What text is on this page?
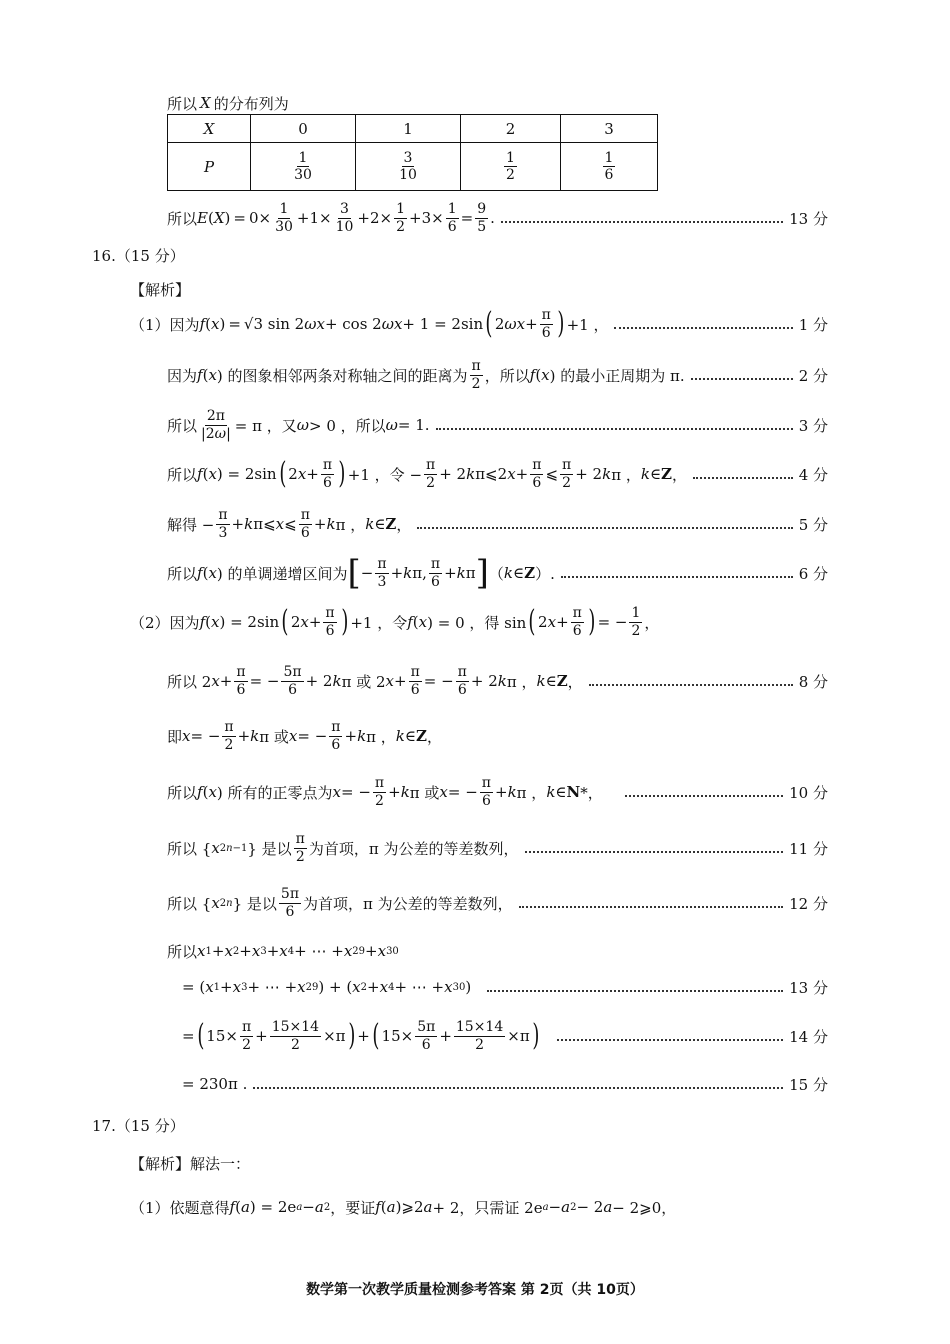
所以 X 的分布列为
X	0	1	2	3
P	$\frac{1}{30}$	$\frac{3}{10}$	$\frac{1}{2}$	$\frac{1}{6}$
所以 E ( X ) = $0\times \frac{1}{30} +1\times \frac{3}{10} +2\times \frac{1}{2} +3\times \frac{1}{6} = \frac{9}{5}$ .	13 分
16.（15 分）
【解析】
（1） 因为 f ( x ) = √3 sin 2 ωx + cos 2 ωx + 1 = 2sin ( 2 $\omega x + \frac{\pi}{6}$ ) +1 ，	1 分
因为 f ( x ) 的图象相邻两条对称轴之间的距离为 $\frac{\pi}{2}$ ，所以 f ( x ) 的最小正周期为 π.	2 分
所以 $\frac{2\pi}{|2\omega|} = \pi$ ，又 ω > 0 ，所以 ω = 1.	3 分
所以 f ( x ) = 2sin ( 2 $x + \frac{\pi}{6}$ ) +1 ，令 − $\frac{\pi}{2} + 2$ k π⩽2 $x + \frac{\pi}{6}$ ⩽ $\frac{\pi}{2} + 2$ k π ， k ∈ Z ，	4 分
解得 − $\frac{\pi}{3} + k$ π⩽ x ⩽ $\frac{\pi}{6} + k$ π ， k ∈ Z ，	5 分
所以 f ( x ) 的单调递增区间为 [ − $\frac{\pi}{3} + k$ π, $\frac{\pi}{6} + k$ π ] （ k ∈ Z ）.	6 分
（2） 因为 f ( x ) = 2sin ( 2 $x + \frac{\pi}{6}$ ) +1 ，令 f ( x ) = 0 ，得 sin ( 2 $x + \frac{\pi}{6}$ ) = − $\frac{1}{2}$ ，
所以 2 $x + \frac{\pi}{6}$ = − $\frac{5\pi}{6} + 2$ k π 或 2 $x + \frac{\pi}{6}$ = − $\frac{\pi}{6} + 2$ k π ， k ∈ Z ，	8 分
即 x = − $\frac{\pi}{2} + k$ π 或 x = − $\frac{\pi}{6} + k$ π ， k ∈ Z ，
所以 f ( x ) 所有的正零点为 x = − $\frac{\pi}{2} + k$ π 或 x = − $\frac{\pi}{6} + k$ π ， k ∈ N *，	10 分
所以 { x 2n−1 } 是以 $\frac{\pi}{2}$ 为首项，π 为公差的等差数列，	11 分
所以 { x 2n } 是以 $\frac{5\pi}{6}$ 为首项，π 为公差的等差数列，	12 分
所以 x 1 + x 2 + x 3 + x 4 + ⋯ + x 29 + x 30
= ( x 1 + x 3 + ⋯ + x 29 ) + ( x 2 + x 4 + ⋯ + x 30 )	13 分
= ( $15\times \frac{\pi}{2} + \frac{15\times 14}{2} \times\pi$ ) + ( $15\times \frac{5\pi}{6} + \frac{15\times 14}{2} \times\pi$ )	14 分
= 230π .	15 分
17.（15 分）
【解析】解法一：
（1）依题意得 f ( a ) = 2e a − a 2 ，要证 f ( a )⩾2 a + 2，只需证 2e a − a 2 − 2 a − 2⩾0，
数学第一次教学质量检测参考答案 第 2页（共 10页）
